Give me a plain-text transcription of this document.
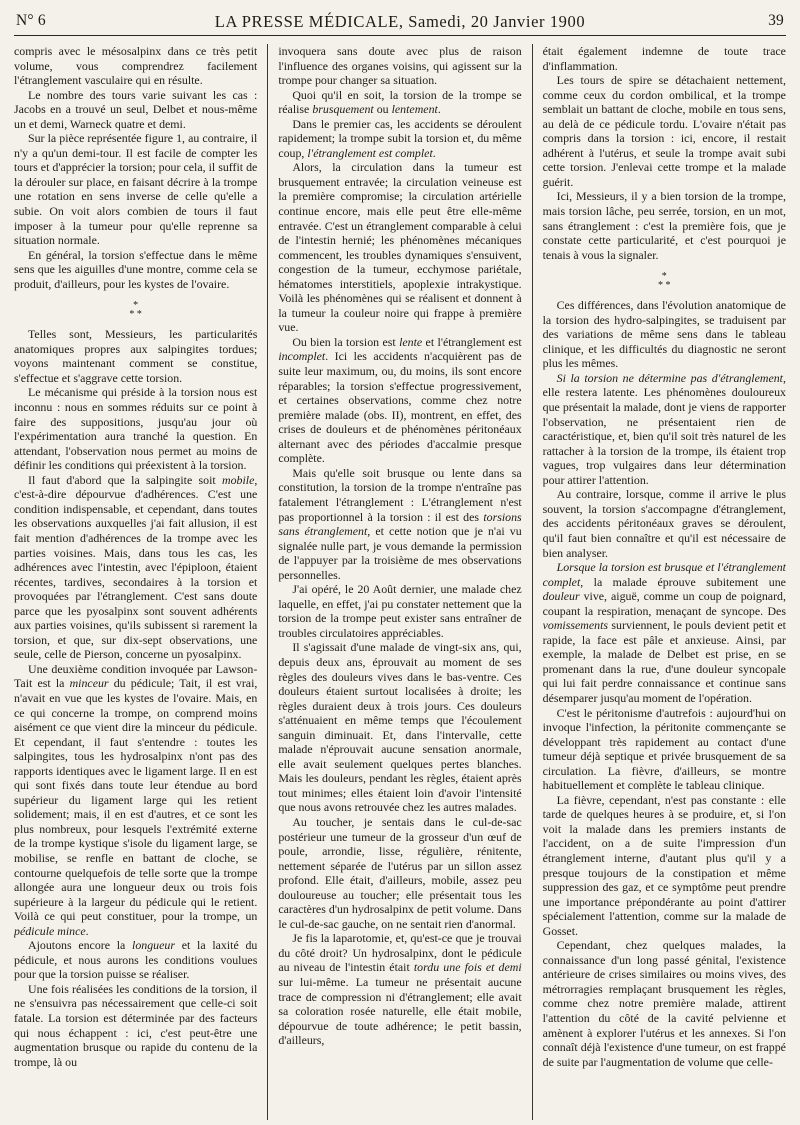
N° 6	LA PRESSE MÉDICALE, Samedi, 20 Janvier 1900	39

compris avec le mésosalpinx dans ce très petit volume, vous comprendrez facilement l'étranglement vasculaire qui en résulte.

Le nombre des tours varie suivant les cas : Jacobs en a trouvé un seul, Delbet et nous-même un et demi, Warneck quatre et demi.

Sur la pièce représentée figure 1, au contraire, il n'y a qu'un demi-tour. Il est facile de compter les tours et d'apprécier la torsion; pour cela, il suffit de la dérouler sur place, en faisant décrire à la trompe une rotation en sens inverse de celle qu'elle a subie. On voit alors combien de tours il faut imposer à la tumeur pour qu'elle reprenne sa situation normale.

En général, la torsion s'effectue dans le même sens que les aiguilles d'une montre, comme cela se produit, d'ailleurs, pour les kystes de l'ovaire.

*
* *

Telles sont, Messieurs, les particularités anatomiques propres aux salpingites tordues; voyons maintenant comment se constitue, s'effectue et s'aggrave cette torsion.

Le mécanisme qui préside à la torsion nous est inconnu : nous en sommes réduits sur ce point à faire des suppositions, jusqu'au jour où l'expérimentation aura tranché la question. En attendant, l'observation nous permet au moins de définir les conditions qui préexistent à la torsion.

Il faut d'abord que la salpingite soit mobile, c'est-à-dire dépourvue d'adhérences. C'est une condition indispensable, et cependant, dans toutes les observations auxquelles j'ai fait allusion, il est fait mention d'adhérences de la trompe avec les parties voisines. Mais, dans tous les cas, les adhérences avec l'intestin, avec l'épiploon, étaient récentes, tardives, secondaires à la torsion et provoquées par l'étranglement. C'est sans doute parce que les pyosalpinx sont souvent adhérents aux parties voisines, qu'ils subissent si rarement la torsion, et que, sur dix-sept observations, une seule, celle de Pierson, concerne un pyosalpinx.

Une deuxième condition invoquée par Lawson-Tait est la minceur du pédicule; Tait, il est vrai, n'avait en vue que les kystes de l'ovaire. Mais, en ce qui concerne la trompe, on comprend moins aisément ce que vient dire la minceur du pédicule. Et cependant, il faut s'entendre : toutes les salpingites, tous les hydrosalpinx n'ont pas des rapports identiques avec le ligament large. Il en est qui sont fixés dans toute leur étendue au bord supérieur du ligament large qui les retient solidement; mais, il en est d'autres, et ce sont les plus nombreux, pour lesquels l'extrémité externe de la trompe kystique s'isole du ligament large, se mobilise, se renfle en battant de cloche, se contourne quelquefois de telle sorte que la trompe allongée aura une longueur deux ou trois fois supérieure à la largeur du pédicule qui le retient. Voilà ce qui peut constituer, pour la trompe, un pédicule mince.

Ajoutons encore la longueur et la laxité du pédicule, et nous aurons les conditions voulues pour que la torsion puisse se réaliser.

Une fois réalisées les conditions de la torsion, il ne s'ensuivra pas nécessairement que celle-ci soit fatale. La torsion est déterminée par des facteurs qui nous échappent : ici, c'est peut-être une augmentation brusque ou rapide du contenu de la trompe, là ou

invoquera sans doute avec plus de raison l'influence des organes voisins, qui agissent sur la trompe pour changer sa situation.

Quoi qu'il en soit, la torsion de la trompe se réalise brusquement ou lentement.

Dans le premier cas, les accidents se déroulent rapidement; la trompe subit la torsion et, du même coup, l'étranglement est complet.

Alors, la circulation dans la tumeur est brusquement entravée; la circulation veineuse est la première compromise; la circulation artérielle continue encore, mais elle peut être elle-même entravée. C'est un étranglement comparable à celui de l'intestin hernié; les phénomènes mécaniques commencent, les troubles dynamiques s'ensuivent, congestion de la tumeur, ecchymose pariétale, hématomes interstitiels, apoplexie intrakystique. Voilà les phénomènes qui se réalisent et donnent à la tumeur la couleur noire qui frappe à première vue.

Ou bien la torsion est lente et l'étranglement est incomplet. Ici les accidents n'acquièrent pas de suite leur maximum, ou, du moins, ils sont encore réparables; la torsion s'effectue progressivement, et certaines observations, comme chez notre première malade (obs. II), montrent, en effet, des crises de douleurs et de phénomènes péritonéaux alternant avec des périodes d'accalmie presque complète.

Mais qu'elle soit brusque ou lente dans sa constitution, la torsion de la trompe n'entraîne pas fatalement l'étranglement : L'étranglement n'est pas proportionnel à la torsion : il est des torsions sans étranglement, et cette notion que je n'ai vu signalée nulle part, je vous demande la permission de l'appuyer par la troisième de mes observations personnelles.

J'ai opéré, le 20 Août dernier, une malade chez laquelle, en effet, j'ai pu constater nettement que la torsion de la trompe peut exister sans entraîner de troubles circulatoires appréciables.

Il s'agissait d'une malade de vingt-six ans, qui, depuis deux ans, éprouvait au moment de ses règles des douleurs vives dans le bas-ventre. Ces douleurs étaient surtout localisées à droite; les règles duraient deux à trois jours. Ces douleurs s'atténuaient en même temps que l'écoulement sanguin diminuait. Et, dans l'intervalle, cette malade n'éprouvait aucune sensation anormale, elle avait seulement quelques pertes blanches. Mais les douleurs, pendant les règles, étaient après tout minimes; elles étaient loin d'avoir l'intensité que nous avons retrouvée chez les autres malades.

Au toucher, je sentais dans le cul-de-sac postérieur une tumeur de la grosseur d'un œuf de poule, arrondie, lisse, régulière, rénitente, nettement séparée de l'utérus par un sillon assez profond. Elle était, d'ailleurs, mobile, assez peu douloureuse au toucher; elle présentait tous les caractères d'un hydrosalpinx de petit volume. Dans le cul-de-sac gauche, on ne sentait rien d'anormal.

Je fis la laparotomie, et, qu'est-ce que je trouvai du côté droit? Un hydrosalpinx, dont le pédicule au niveau de l'intestin était tordu une fois et demi sur lui-même. La tumeur ne présentait aucune trace de compression ni d'étranglement; elle avait sa coloration rosée naturelle, elle était mobile, dépourvue de toute adhérence; le petit bassin, d'ailleurs,

était également indemne de toute trace d'inflammation.

Les tours de spire se détachaient nettement, comme ceux du cordon ombilical, et la trompe semblait un battant de cloche, mobile en tous sens, au delà de ce pédicule tordu. L'ovaire n'était pas compris dans la torsion : ici, encore, il restait adhérent à l'utérus, et seule la trompe avait subi cette torsion. J'enlevai cette trompe et la malade guérit.

Ici, Messieurs, il y a bien torsion de la trompe, mais torsion lâche, peu serrée, torsion, en un mot, sans étranglement : c'est la première fois, que je constate cette particularité, et c'est pourquoi je tenais à vous la signaler.

*
* *

Ces différences, dans l'évolution anatomique de la torsion des hydro-salpingites, se traduisent par des variations de même sens dans le tableau clinique, et les difficultés du diagnostic ne seront plus les mêmes.

Si la torsion ne détermine pas d'étranglement, elle restera latente. Les phénomènes douloureux que présentait la malade, dont je viens de rapporter l'observation, ne présentaient rien de caractéristique, et, bien qu'il soit très naturel de les rattacher à la torsion de la trompe, ils étaient trop vagues, trop vulgaires dans leur détermination pour attirer l'attention.

Au contraire, lorsque, comme il arrive le plus souvent, la torsion s'accompagne d'étranglement, des accidents péritonéaux graves se déroulent, qu'il faut bien connaître et qu'il est nécessaire de bien analyser.

Lorsque la torsion est brusque et l'étranglement complet, la malade éprouve subitement une douleur vive, aiguë, comme un coup de poignard, coupant la respiration, menaçant de syncope. Des vomissements surviennent, le pouls devient petit et rapide, la face est pâle et anxieuse. Ainsi, par exemple, la malade de Delbet est prise, en se promenant dans la rue, d'une douleur syncopale qui lui fait perdre connaissance et continue sans désemparer jusqu'au moment de l'opération.

C'est le péritonisme d'autrefois : aujourd'hui on invoque l'infection, la péritonite commençante se développant très rapidement au contact d'une tumeur déjà septique et privée brusquement de sa circulation. La fièvre, d'ailleurs, se montre habituellement et complète le tableau clinique.

La fièvre, cependant, n'est pas constante : elle tarde de quelques heures à se produire, et, si l'on voit la malade dans les premiers instants de l'accident, on a de suite l'impression d'un étranglement interne, d'autant plus qu'il y a presque toujours de la constipation et même suppression des gaz, et ce symptôme peut prendre une importance prépondérante au point d'attirer spécialement l'attention, comme sur la malade de Gosset.

Cependant, chez quelques malades, la connaissance d'un long passé génital, l'existence antérieure de crises similaires ou moins vives, des métrorragies remplaçant brusquement les règles, comme chez notre première malade, attirent l'attention du côté de la cavité pelvienne et amènent à explorer l'utérus et les annexes. Si l'on connaît déjà l'existence d'une tumeur, on est frappé de suite par l'augmentation de volume que celle-
